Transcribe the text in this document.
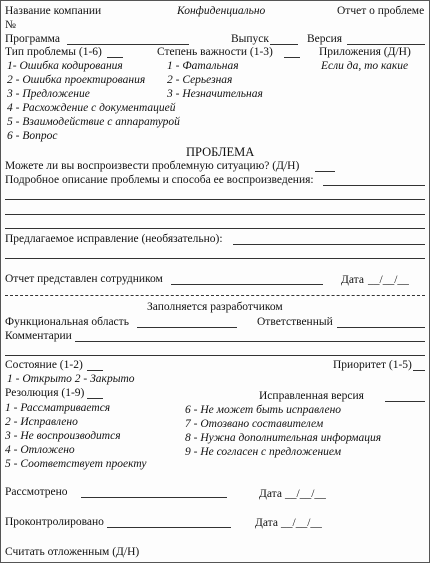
Название компании	Конфиденциально	Отчет о проблеме
№
Программа	Выпуск	Версия
Тип проблемы (1-6)	Степень важности (1-3)	Приложения (Д/Н)
Если да, то какие
1- Ошибка кодирования
2 - Ошибка проектирования
3 - Предложение
4 - Расхождение с документацией
5 - Взаимодействие с аппаратурой
6 - Вопрос
1 - Фатальная
2 - Серьезная
3 - Незначительная
ПРОБЛЕМА
Можете ли вы воспроизвести проблемную ситуацию? (Д/Н)
Подробное описание проблемы и способа ее воспроизведения:
Предлагаемое исправление (необязательно):
Отчет представлен сотрудником	Дата __/__/__
Заполняется разработчиком
Функциональная область	Ответственный
Комментарии
Состояние (1-2)	Приоритет (1-5)
1 - Открыто 2 - Закрыто
Резолюция (1-9)	Исправленная версия
1 - Рассматривается
2 - Исправлено
3 - Не воспроизводится
4 - Отложено
5 - Соответствует проекту
6 - Не может быть исправлено
7 - Отозвано составителем
8 - Нужна дополнительная информация
9 - Не согласен с предложением
Рассмотрено	Дата __/__/__
Проконтролировано	Дата __/__/__
Считать отложенным (Д/Н)
